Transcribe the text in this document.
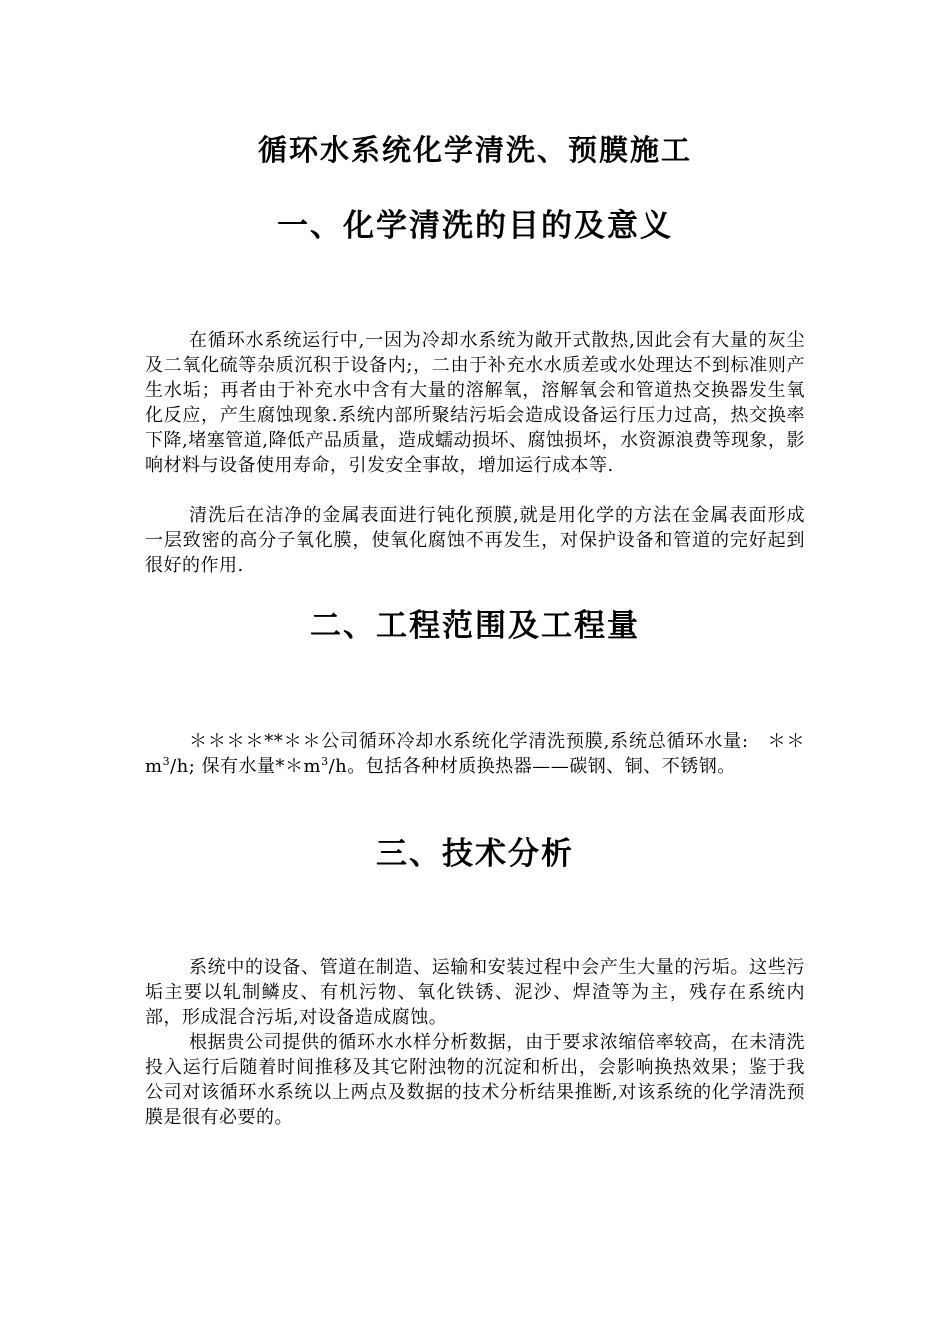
循环水系统化学清洗、预膜施工
一、化学清洗的目的及意义

在循环水系统运行中,一因为冷却水系统为敞开式散热,因此会有大量的灰尘及二氧化硫等杂质沉积于设备内;，二由于补充水水质差或水处理达不到标准则产生水垢；再者由于补充水中含有大量的溶解氧，溶解氧会和管道热交换器发生氧化反应，产生腐蚀现象.系统内部所聚结污垢会造成设备运行压力过高，热交换率下降,堵塞管道,降低产品质量，造成蠕动损坏、腐蚀损坏，水资源浪费等现象，影响材料与设备使用寿命，引发安全事故，增加运行成本等.

清洗后在洁净的金属表面进行钝化预膜,就是用化学的方法在金属表面形成一层致密的高分子氧化膜，使氧化腐蚀不再发生，对保护设备和管道的完好起到很好的作用.

二、工程范围及工程量

＊＊＊＊**＊＊公司循环冷却水系统化学清洗预膜,系统总循环水量:　$**m^3/h$; 保有水量$**m^3/h$。包括各种材质换热器——碳钢、铜、不锈钢。

三、技术分析

系统中的设备、管道在制造、运输和安装过程中会产生大量的污垢。这些污垢主要以轧制鳞皮、有机污物、氧化铁锈、泥沙、焊渣等为主，残存在系统内部，形成混合污垢,对设备造成腐蚀。

根据贵公司提供的循环水水样分析数据，由于要求浓缩倍率较高，在未清洗投入运行后随着时间推移及其它附浊物的沉淀和析出，会影响换热效果；鉴于我公司对该循环水系统以上两点及数据的技术分析结果推断,对该系统的化学清洗预膜是很有必要的。
